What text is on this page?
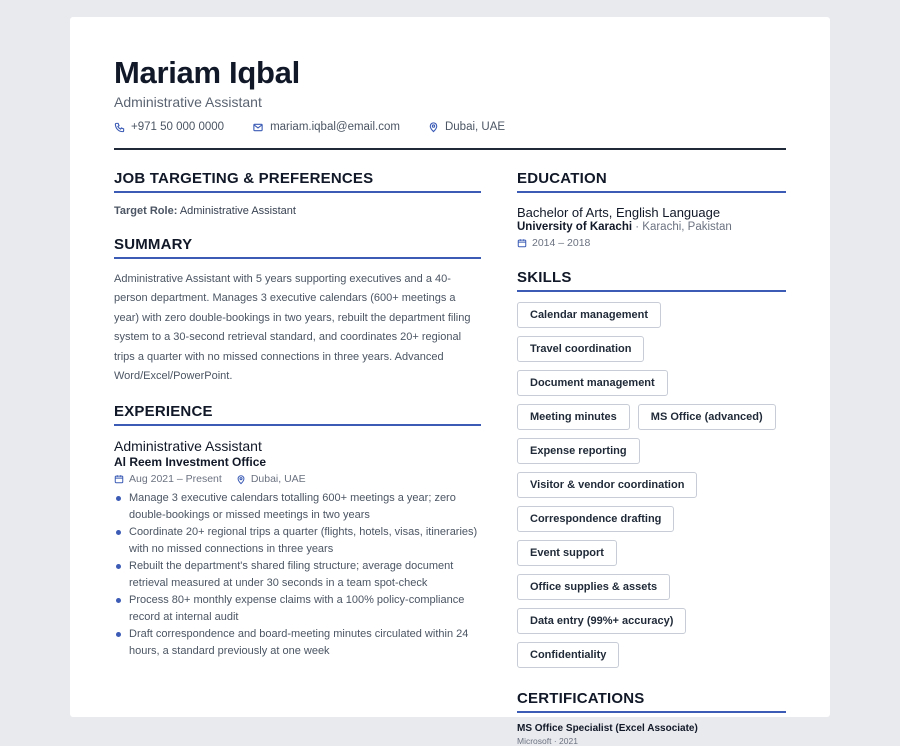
Mariam Iqbal
Administrative Assistant
+971 50 000 0000	mariam.iqbal@email.com	Dubai, UAE
JOB TARGETING & PREFERENCES
Target Role: Administrative Assistant
SUMMARY
Administrative Assistant with 5 years supporting executives and a 40-person department. Manages 3 executive calendars (600+ meetings a year) with zero double-bookings in two years, rebuilt the department filing system to a 30-second retrieval standard, and coordinates 20+ regional trips a quarter with no missed connections in three years. Advanced Word/Excel/PowerPoint.
EXPERIENCE
Administrative Assistant
Al Reem Investment Office
Aug 2021 – Present	Dubai, UAE
Manage 3 executive calendars totalling 600+ meetings a year; zero double-bookings or missed meetings in two years
Coordinate 20+ regional trips a quarter (flights, hotels, visas, itineraries) with no missed connections in three years
Rebuilt the department's shared filing structure; average document retrieval measured at under 30 seconds in a team spot-check
Process 80+ monthly expense claims with a 100% policy-compliance record at internal audit
Draft correspondence and board-meeting minutes circulated within 24 hours, a standard previously at one week
EDUCATION
Bachelor of Arts, English Language
University of Karachi · Karachi, Pakistan
2014 – 2018
SKILLS
Calendar management
Travel coordination
Document management
Meeting minutes	MS Office (advanced)
Expense reporting
Visitor & vendor coordination
Correspondence drafting
Event support
Office supplies & assets
Data entry (99%+ accuracy)
Confidentiality
CERTIFICATIONS
MS Office Specialist (Excel Associate)
Microsoft · 2021
